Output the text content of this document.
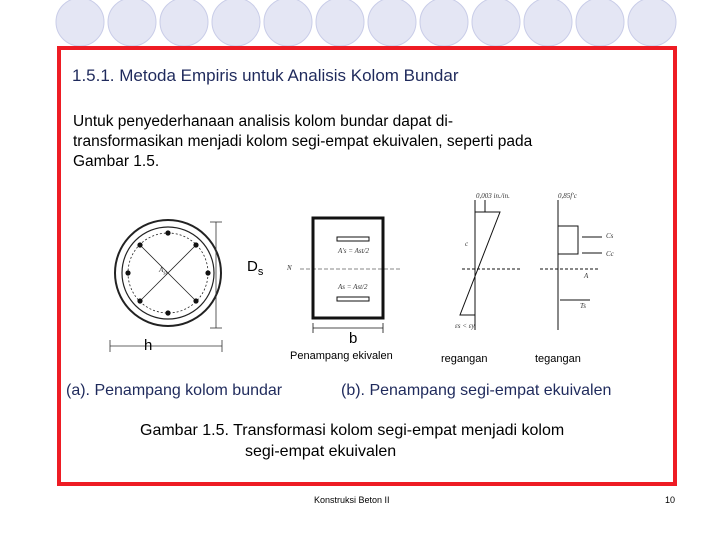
1.5.1. Metoda Empiris untuk Analisis Kolom Bundar
Untuk penyederhanaan analisis kolom bundar dapat di-
transformasikan menjadi kolom segi-empat ekuivalen, seperti pada
Gambar 1.5.
$A_{st}$
A's = Ast/2
As = Ast/2
N
0,003 in./in.	0,85f'c
c
Cs
Cc
A
Ts
εs < εy
$D_s$
h	b
Penampang ekivalen	regangan	tegangan
(a). Penampang kolom bundar	(b). Penampang segi-empat ekuivalen
Gambar 1.5. Transformasi kolom segi-empat menjadi kolom
segi-empat ekuivalen
Konstruksi Beton II	10
